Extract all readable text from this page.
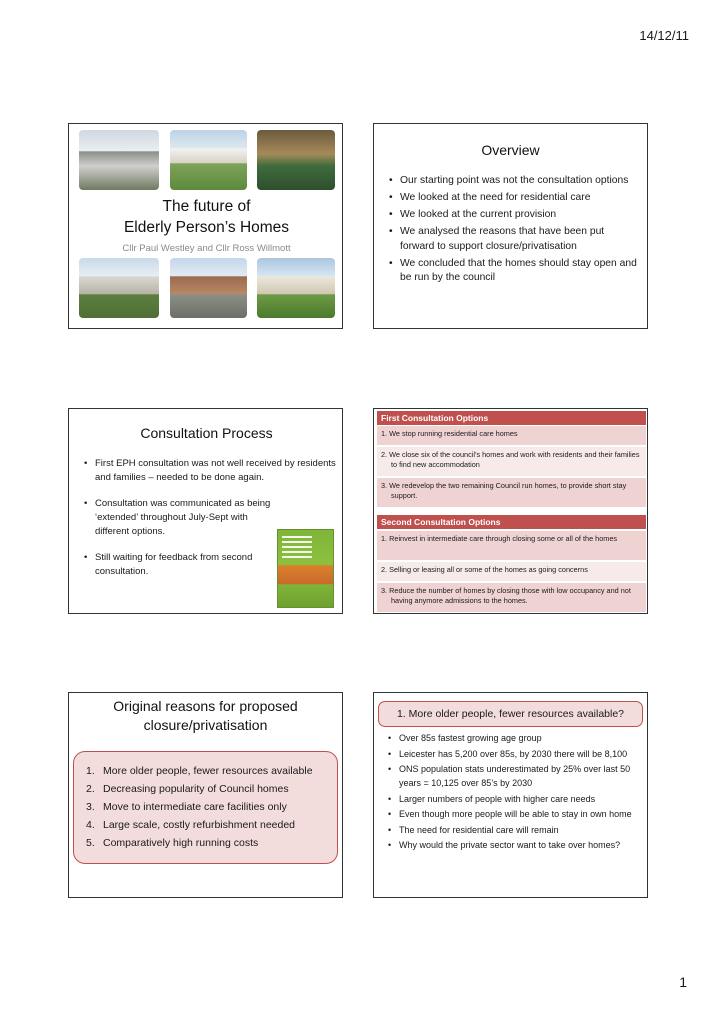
14/12/11
The future of
Elderly Person’s Homes
Cllr Paul Westley and Cllr Ross Willmott
Overview
• Our starting point was not the consultation options
• We looked at the need for residential care
• We looked at the current provision
• We analysed the reasons that have been put forward to support closure/privatisation
• We concluded that the homes should stay open and be run by the council
Consultation Process
• First EPH consultation was not well received by residents and families – needed to be done again.
• Consultation was communicated as being ‘extended’ throughout July-Sept with different options.
• Still waiting for feedback from second consultation.
First Consultation Options
1. We stop running residential care homes
2. We close six of the council’s homes and work with residents and their families to find new accommodation
3. We redevelop the two remaining Council run homes, to provide short stay support.
Second Consultation Options
1. Reinvest in intermediate care through closing some or all of the homes
2. Selling or leasing all or some of the homes as going concerns
3. Reduce the number of homes by closing those with low occupancy and not having anymore admissions to the homes.
Original reasons for proposed
closure/privatisation
1. More older people, fewer resources available
2. Decreasing popularity of Council homes
3. Move to intermediate care facilities only
4. Large scale, costly refurbishment needed
5. Comparatively high running costs
1. More older people, fewer resources available?
• Over 85s fastest growing age group
• Leicester has 5,200 over 85s, by 2030 there will be 8,100
• ONS population stats underestimated by 25% over last 50 years = 10,125 over 85’s by 2030
• Larger numbers of people with higher care needs
• Even though more people will be able to stay in own home
• The need for residential care will remain
• Why would the private sector want to take over homes?
1
